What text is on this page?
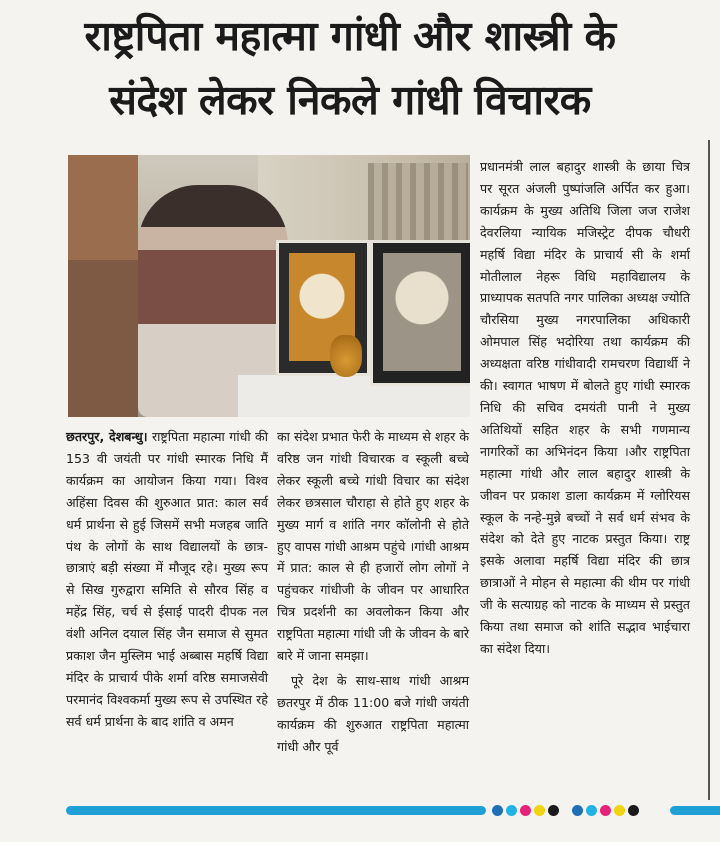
राष्ट्रपिता महात्मा गांधी और शास्त्री के
संदेश लेकर निकले गांधी विचारक

छतरपुर, देशबन्धु। राष्ट्रपिता महात्मा गांधी की 153 वी जयंती पर गांधी स्मारक निधि मैं कार्यक्रम का आयोजन किया गया। विश्व अहिंसा दिवस की शुरुआत प्रात: काल सर्व धर्म प्रार्थना से हुई जिसमें सभी मजहब जाति पंथ के लोगों के साथ विद्यालयों के छात्र-छात्राएं बड़ी संख्या में मौजूद रहे। मुख्य रूप से सिख गुरुद्वारा समिति से सौरव सिंह व महेंद्र सिंह, चर्च से ईसाई पादरी दीपक नल वंशी अनिल दयाल सिंह जैन समाज से सुमत प्रकाश जैन मुस्लिम भाई अब्बास महर्षि विद्या मंदिर के प्राचार्य पीके शर्मा वरिष्ठ समाजसेवी परमानंद विश्वकर्मा मुख्य रूप से उपस्थित रहे सर्व धर्म प्रार्थना के बाद शांति व अमन

का संदेश प्रभात फेरी के माध्यम से शहर के वरिष्ठ जन गांधी विचारक व स्कूली बच्चे लेकर स्कूली बच्चे गांधी विचार का संदेश लेकर छत्रसाल चौराहा से होते हुए शहर के मुख्य मार्ग व शांति नगर कॉलोनी से होते हुए वापस गांधी आश्रम पहुंचे ।गांधी आश्रम में प्रात: काल से ही हजारों लोग लोगों ने पहुंचकर गांधीजी के जीवन पर आधारित चित्र प्रदर्शनी का अवलोकन किया और राष्ट्रपिता महात्मा गांधी जी के जीवन के बारे बारे में जाना समझा।

पूरे देश के साथ-साथ गांधी आश्रम छतरपुर में ठीक 11:00 बजे गांधी जयंती कार्यक्रम की शुरुआत राष्ट्रपिता महात्मा गांधी और पूर्व

प्रधानमंत्री लाल बहादुर शास्त्री के छाया चित्र पर सूरत अंजली पुष्पांजलि अर्पित कर हुआ। कार्यक्रम के मुख्य अतिथि जिला जज राजेश देवरलिया न्यायिक मजिस्ट्रेट दीपक चौधरी महर्षि विद्या मंदिर के प्राचार्य सी के शर्मा मोतीलाल नेहरू विधि महाविद्यालय के प्राध्यापक सतपति नगर पालिका अध्यक्ष ज्योति चौरसिया मुख्य नगरपालिका अधिकारी ओमपाल सिंह भदोरिया तथा कार्यक्रम की अध्यक्षता वरिष्ठ गांधीवादी रामचरण विद्यार्थी ने की। स्वागत भाषण में बोलते हुए गांधी स्मारक निधि की सचिव दमयंती पानी ने मुख्य अतिथियों सहित शहर के सभी गणमान्य नागरिकों का अभिनंदन किया ।और राष्ट्रपिता महात्मा गांधी और लाल बहादुर शास्त्री के जीवन पर प्रकाश डाला कार्यक्रम में ग्लोरियस स्कूल के नन्हे-मुन्ने बच्चों ने सर्व धर्म संभव के संदेश को देते हुए नाटक प्रस्तुत किया। राष्ट्र इसके अलावा महर्षि विद्या मंदिर की छात्र छात्राओं ने मोहन से महात्मा की थीम पर गांधी जी के सत्याग्रह को नाटक के माध्यम से प्रस्तुत किया तथा समाज को शांति सद्भाव भाईचारा का संदेश दिया।
